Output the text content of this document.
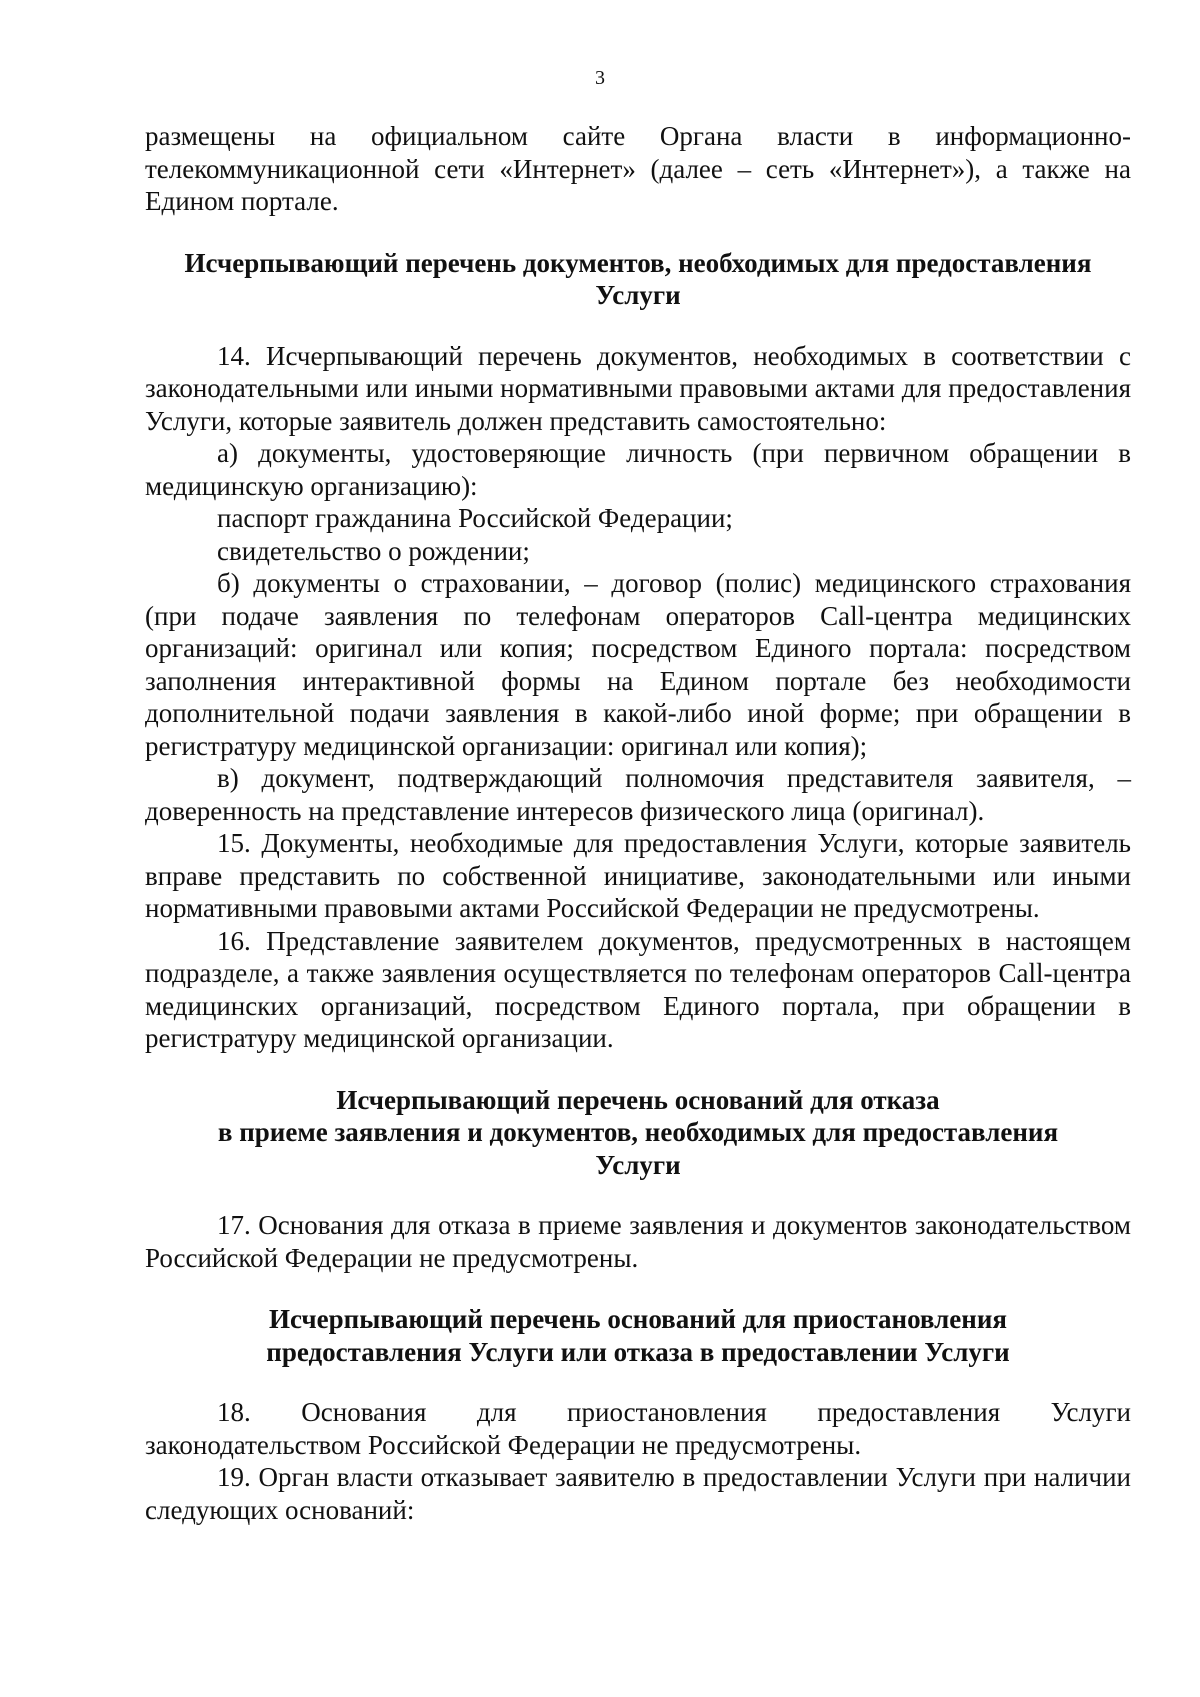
3

размещены на официальном сайте Органа власти в информационно-телекоммуникационной сети «Интернет» (далее – сеть «Интернет»), а также на Едином портале.

Исчерпывающий перечень документов, необходимых для предоставления
Услуги

14. Исчерпывающий перечень документов, необходимых в соответствии с законодательными или иными нормативными правовыми актами для предоставления Услуги, которые заявитель должен представить самостоятельно:

а) документы, удостоверяющие личность (при первичном обращении в медицинскую организацию):

паспорт гражданина Российской Федерации;

свидетельство о рождении;

б) документы о страховании, – договор (полис) медицинского страхования (при подаче заявления по телефонам операторов Call-центра медицинских организаций: оригинал или копия; посредством Единого портала: посредством заполнения интерактивной формы на Едином портале без необходимости дополнительной подачи заявления в какой-либо иной форме; при обращении в регистратуру медицинской организации: оригинал или копия);

в) документ, подтверждающий полномочия представителя заявителя, – доверенность на представление интересов физического лица (оригинал).

15. Документы, необходимые для предоставления Услуги, которые заявитель вправе представить по собственной инициативе, законодательными или иными нормативными правовыми актами Российской Федерации не предусмотрены.

16. Представление заявителем документов, предусмотренных в настоящем подразделе, а также заявления осуществляется по телефонам операторов Call-центра медицинских организаций, посредством Единого портала, при обращении в регистратуру медицинской организации.

Исчерпывающий перечень оснований для отказа
в приеме заявления и документов, необходимых для предоставления
Услуги

17. Основания для отказа в приеме заявления и документов законодательством Российской Федерации не предусмотрены.

Исчерпывающий перечень оснований для приостановления
предоставления Услуги или отказа в предоставлении Услуги

18. Основания для приостановления предоставления Услуги законодательством Российской Федерации не предусмотрены.

19. Орган власти отказывает заявителю в предоставлении Услуги при наличии следующих оснований:
